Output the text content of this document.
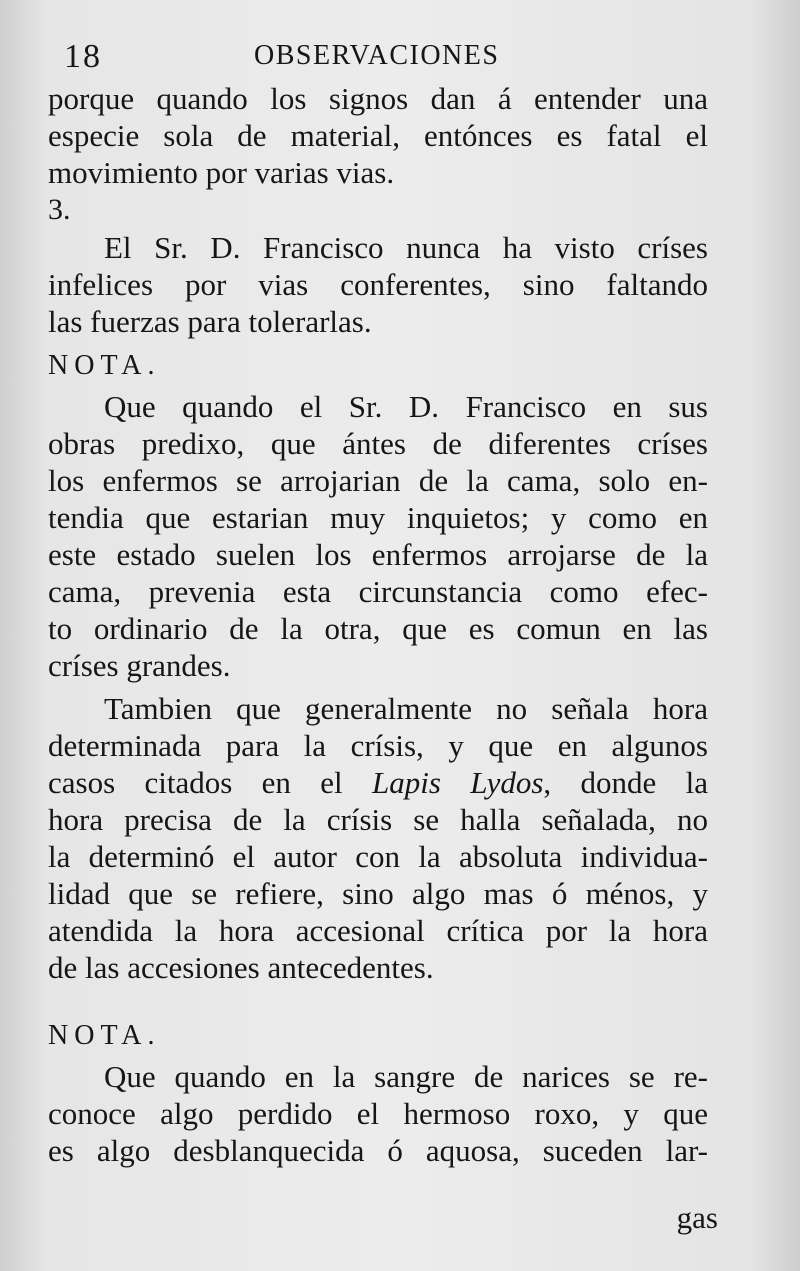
18	OBSERVACIONES

porque quando los signos dan á entender una

especie sola de material, entónces es fatal el

movimiento por varias vias.

3.

El Sr. D. Francisco nunca ha visto críses

infelices por vias conferentes, sino faltando

las fuerzas para tolerarlas.

NOTA.

Que quando el Sr. D. Francisco en sus

obras predixo, que ántes de diferentes críses

los enfermos se arrojarian de la cama, solo en-

tendia que estarian muy inquietos; y como en

este estado suelen los enfermos arrojarse de la

cama, prevenia esta circunstancia como efec-

to ordinario de la otra, que es comun en las

críses grandes.

Tambien que generalmente no señala hora

determinada para la crísis, y que en algunos

casos citados en el Lapis Lydos, donde la

hora precisa de la crísis se halla señalada, no

la determinó el autor con la absoluta individua-

lidad que se refiere, sino algo mas ó ménos, y

atendida la hora accesional crítica por la hora

de las accesiones antecedentes.

NOTA.

Que quando en la sangre de narices se re-

conoce algo perdido el hermoso roxo, y que

es algo desblanquecida ó aquosa, suceden lar-

gas
